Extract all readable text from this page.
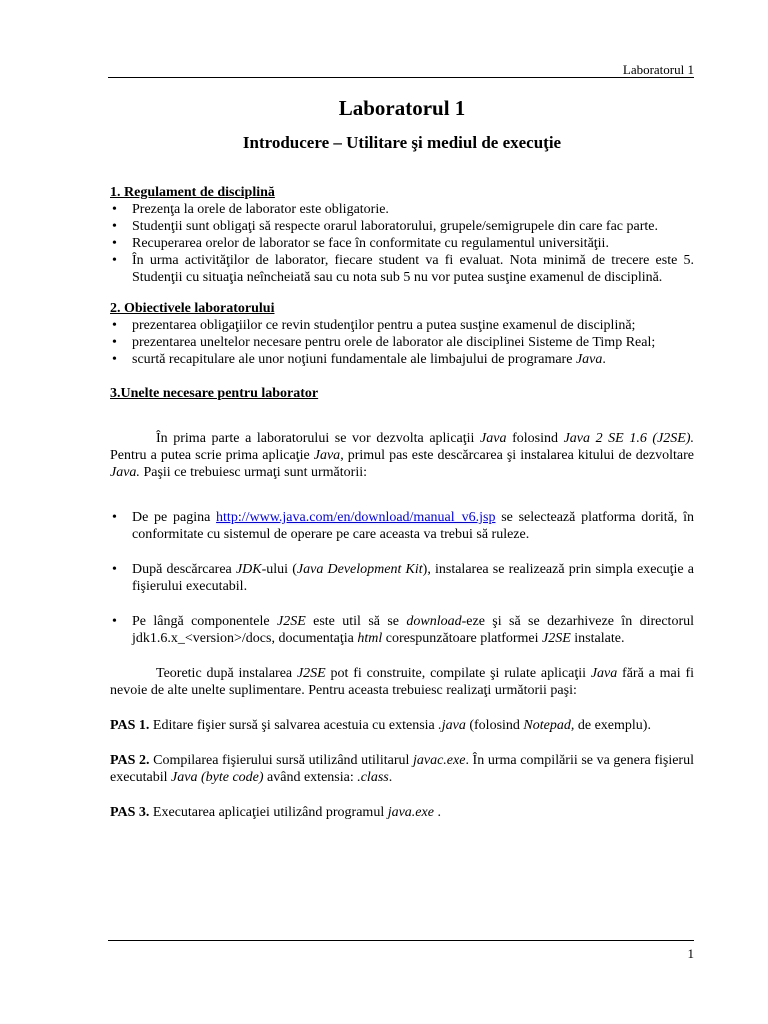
Laboratorul 1
Laboratorul 1
Introducere – Utilitare şi mediul de execuţie

1. Regulament de disciplină

• Prezenţa la orele de laborator este obligatorie.
• Studenţii sunt obligaţi să respecte orarul laboratorului, grupele/semigrupele din care fac parte.
• Recuperarea orelor de laborator se face în conformitate cu regulamentul universităţii.
• În urma activităţilor de laborator, fiecare student va fi evaluat. Nota minimă de trecere este 5. Studenţii cu situaţia neîncheiată sau cu nota sub 5 nu vor putea susţine examenul de disciplină.

2. Obiectivele laboratorului

• prezentarea obligaţiilor ce revin studenţilor pentru a putea susţine examenul de disciplină;
• prezentarea uneltelor necesare pentru orele de laborator ale disciplinei Sisteme de Timp Real;
• scurtă recapitulare ale unor noţiuni fundamentale ale limbajului de programare Java.

3.Unelte necesare pentru laborator

În prima parte a laboratorului se vor dezvolta aplicaţii Java folosind Java 2 SE 1.6 (J2SE). Pentru a putea scrie prima aplicaţie Java, primul pas este descărcarea şi instalarea kitului de dezvoltare Java. Paşii ce trebuiesc urmaţi sunt următorii:

• De pe pagina http://www.java.com/en/download/manual_v6.jsp se selectează platforma dorită, în conformitate cu sistemul de operare pe care aceasta va trebui să ruleze.
• După descărcarea JDK-ului (Java Development Kit), instalarea se realizează prin simpla execuţie a fişierului executabil.
• Pe lângă componentele J2SE este util să se download-eze şi să se dezarhiveze în directorul jdk1.6.x_<version>/docs, documentaţia html corespunzătoare platformei J2SE instalate.

Teoretic după instalarea J2SE pot fi construite, compilate şi rulate aplicaţii Java fără a mai fi nevoie de alte unelte suplimentare. Pentru aceasta trebuiesc realizaţi următorii paşi:

PAS 1. Editare fişier sursă şi salvarea acestuia cu extensia .java (folosind Notepad, de exemplu).

PAS 2. Compilarea fişierului sursă utilizând utilitarul javac.exe. În urma compilării se va genera fişierul executabil Java (byte code) având extensia: .class.

PAS 3. Executarea aplicaţiei utilizând programul java.exe .

1
